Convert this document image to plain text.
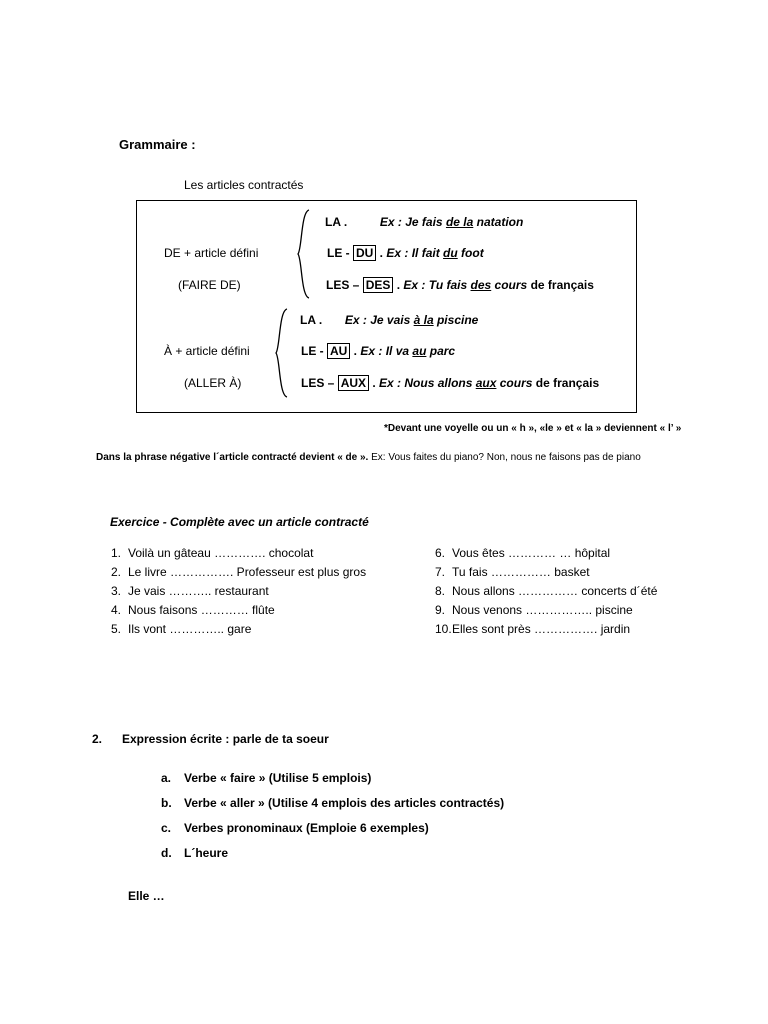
Grammaire :
Les articles contractés
DE + article défini
(FAIRE DE)
LA .	Ex : Je fais de la natation
LE - DU . Ex : Il fait du foot
LES – DES . Ex : Tu fais des cours de français
À + article défini
(ALLER À)
LA . Ex : Je vais à la piscine
LE - AU . Ex : Il va au parc
LES – AUX . Ex : Nous allons aux cours de français
*Devant une voyelle ou un « h », «le » et « la » deviennent « l’ »
Dans la phrase négative l´article contracté devient « de ». Ex: Vous faites du piano? Non, nous ne faisons pas de piano
Exercice - Complète avec un article contracté
1. Voilà un gâteau …………. chocolat
2. Le livre ……………. Professeur est plus gros
3. Je vais ……….. restaurant
4. Nous faisons ………… flûte
5. Ils vont ………….. gare
6. Vous êtes ………… … hôpital
7. Tu fais …………… basket
8. Nous allons …………… concerts d´été
9. Nous venons …………….. piscine
10.Elles sont près ……………. jardin
2. Expression écrite : parle de ta soeur
a. Verbe « faire » (Utilise 5 emplois)
b. Verbe « aller » (Utilise 4 emplois des articles contractés)
c. Verbes pronominaux (Emploie 6 exemples)
d. L´heure
Elle …
